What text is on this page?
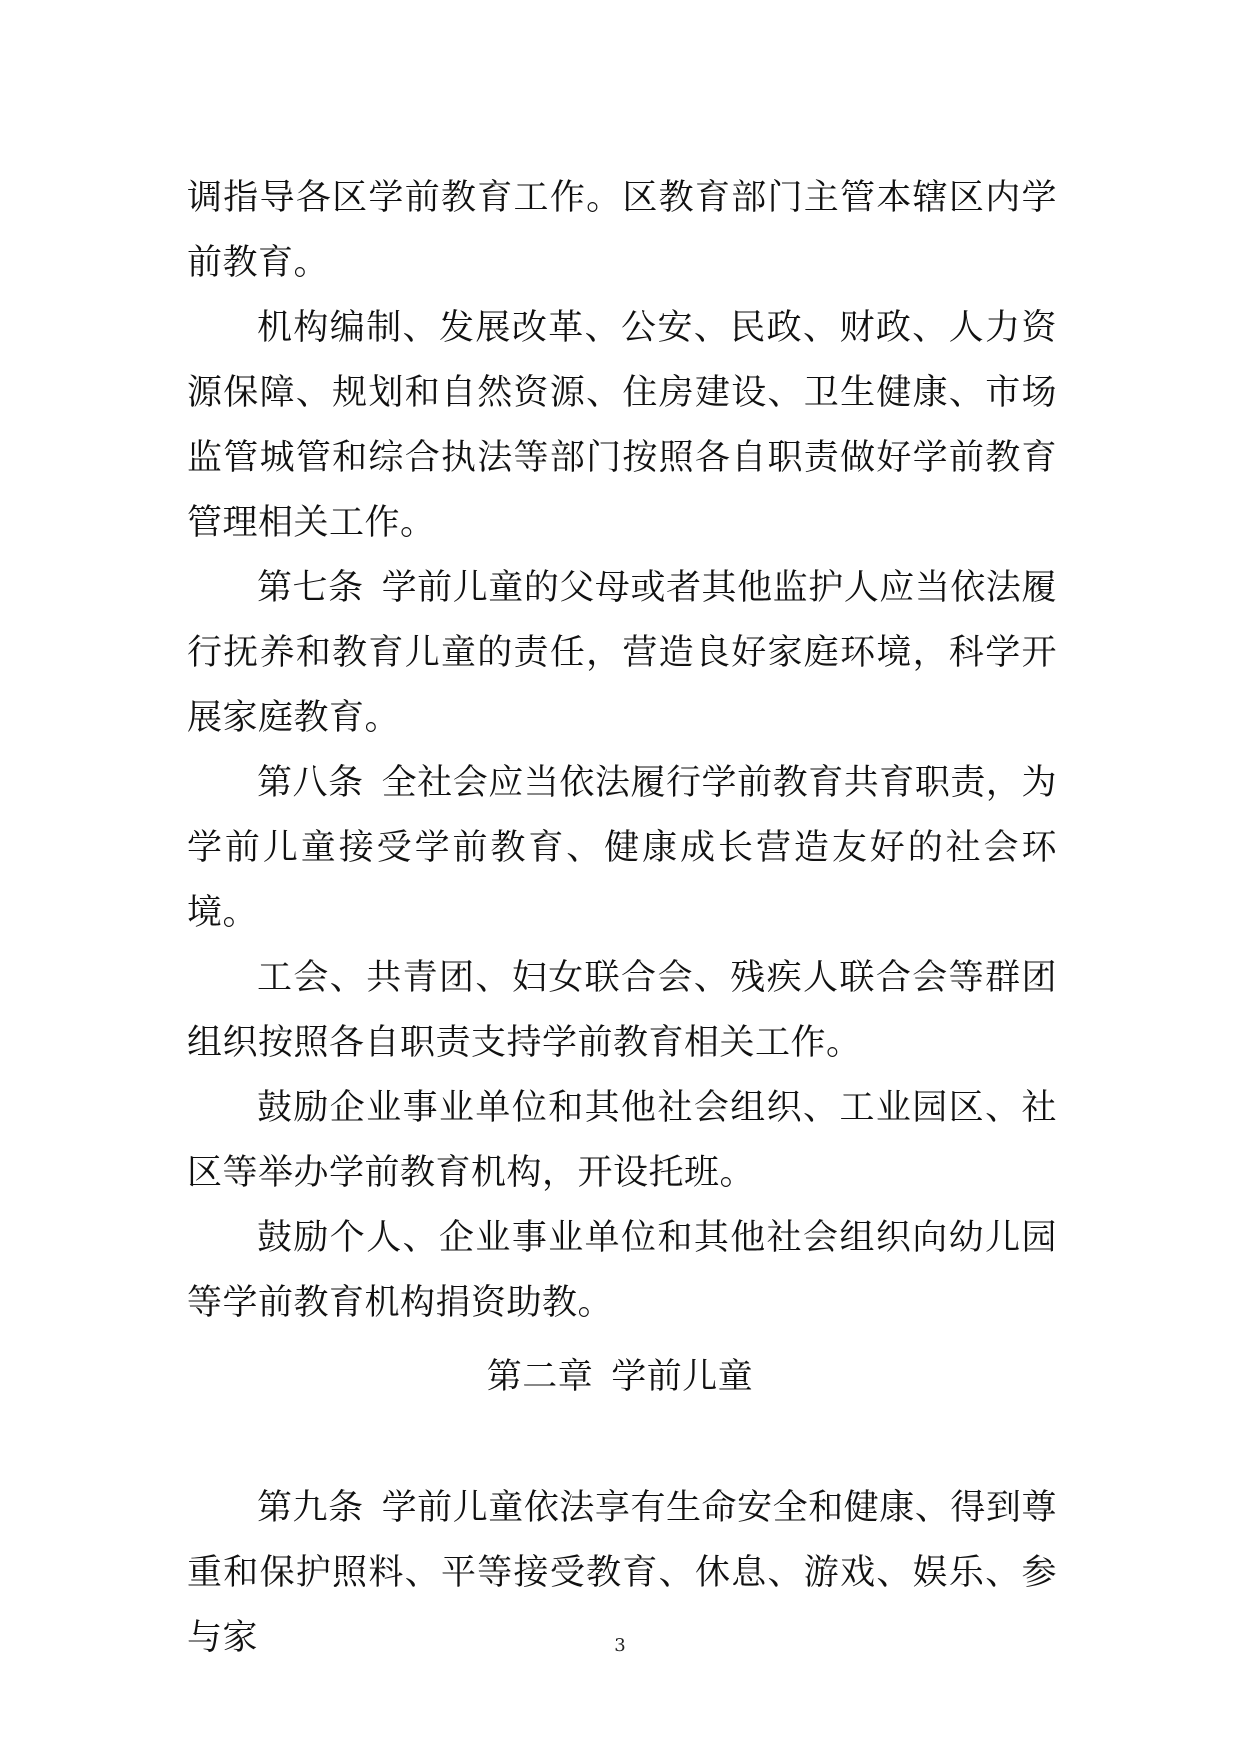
调指导各区学前教育工作。区教育部门主管本辖区内学前教育。

机构编制、发展改革、公安、民政、财政、人力资源保障、规划和自然资源、住房建设、卫生健康、市场监管城管和综合执法等部门按照各自职责做好学前教育管理相关工作。

第七条 学前儿童的父母或者其他监护人应当依法履行抚养和教育儿童的责任，营造良好家庭环境，科学开展家庭教育。

第八条 全社会应当依法履行学前教育共育职责，为学前儿童接受学前教育、健康成长营造友好的社会环境。

工会、共青团、妇女联合会、残疾人联合会等群团组织按照各自职责支持学前教育相关工作。

鼓励企业事业单位和其他社会组织、工业园区、社区等举办学前教育机构，开设托班。

鼓励个人、企业事业单位和其他社会组织向幼儿园等学前教育机构捐资助教。

第二章 学前儿童

第九条 学前儿童依法享有生命安全和健康、得到尊重和保护照料、平等接受教育、休息、游戏、娱乐、参与家	3
